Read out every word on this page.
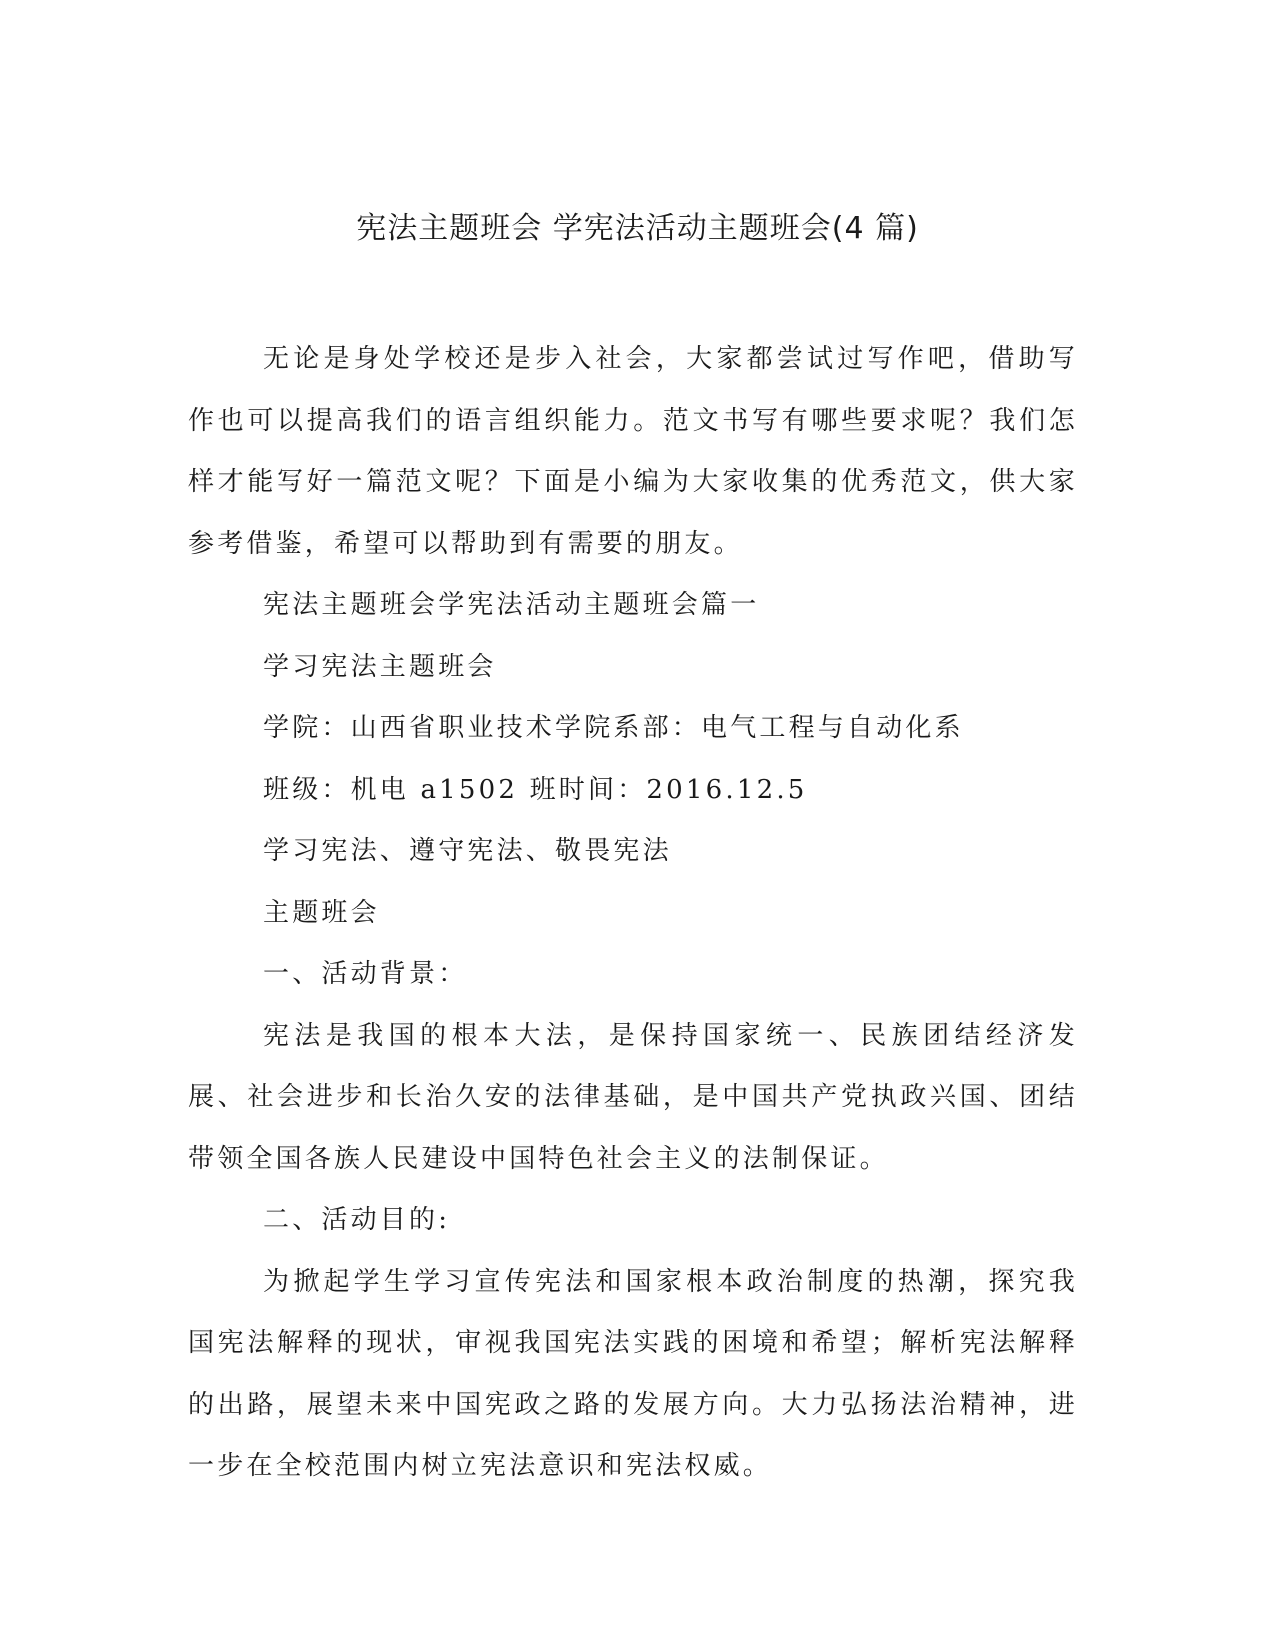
宪法主题班会 学宪法活动主题班会(4 篇)

无论是身处学校还是步入社会，大家都尝试过写作吧，借助写作也可以提高我们的语言组织能力。范文书写有哪些要求呢？我们怎样才能写好一篇范文呢？下面是小编为大家收集的优秀范文，供大家参考借鉴，希望可以帮助到有需要的朋友。

宪法主题班会学宪法活动主题班会篇一

学习宪法主题班会

学院：山西省职业技术学院系部：电气工程与自动化系

班级：机电 a1502 班时间：2016.12.5

学习宪法、遵守宪法、敬畏宪法

主题班会

一、活动背景：

宪法是我国的根本大法，是保持国家统一、民族团结经济发展、社会进步和长治久安的法律基础，是中国共产党执政兴国、团结带领全国各族人民建设中国特色社会主义的法制保证。

二、活动目的:

为掀起学生学习宣传宪法和国家根本政治制度的热潮，探究我国宪法解释的现状，审视我国宪法实践的困境和希望；解析宪法解释的出路，展望未来中国宪政之路的发展方向。大力弘扬法治精神，进一步在全校范围内树立宪法意识和宪法权威。
